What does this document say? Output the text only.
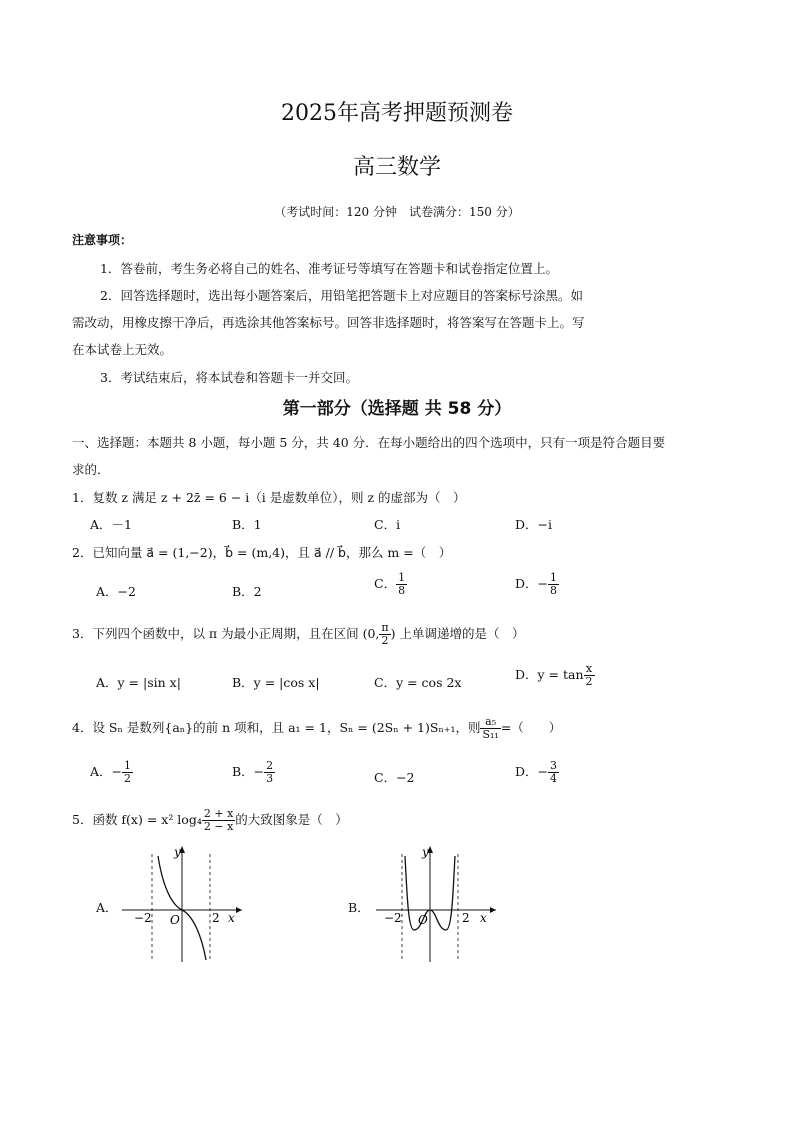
2025年高考押题预测卷
高三数学
（考试时间：120 分钟　试卷满分：150 分）
注意事项：
1．答卷前，考生务必将自己的姓名、准考证号等填写在答题卡和试卷指定位置上。
2．回答选择题时，选出每小题答案后，用铅笔把答题卡上对应题目的答案标号涂黑。如
需改动，用橡皮擦干净后，再选涂其他答案标号。回答非选择题时，将答案写在答题卡上。写
在本试卷上无效。
3．考试结束后，将本试卷和答题卡一并交回。
第一部分（选择题 共 58 分）
一、选择题：本题共 8 小题，每小题 5 分，共 40 分．在每小题给出的四个选项中，只有一项是符合题目要
求的．
1．复数 z 满足 z + 2z̄ = 6 − i（i 是虚数单位），则 z 的虚部为（　）
A．－1	B．1	C．i	D．−i
2．已知向量 a⃗ = (1,−2)，b⃗ = (m,4)，且 a⃗ // b⃗，那么 m =（　）
A．−2	B．2
C． $\frac{1}{8}$	D．− $\frac{1}{8}$
3．下列四个函数中，以 π 为最小正周期，且在区间 (0, $\frac{\pi}{2}$ ) 上单调递增的是（　）
A．y = |sin x|	B．y = |cos x|	C．y = cos 2x
D．$y = \tan \frac{x}{2}$
4．设 Sₙ 是数列{aₙ}的前 n 项和，且 a₁ = 1，Sₙ = (2Sₙ + 1)Sₙ₊₁，则 $\frac{\text{a₅}}{\text{S₁₁}}$ =（　　）
A．− $\frac{1}{2}$	B．− $\frac{2}{3}$	C．−2	D．− $\frac{3}{4}$
5．函数 f(x) = x² $\log_4 \frac{2 + x}{2 - x}$ 的大致图象是（　）
A．	B．
y
x
O
−2	2
y
x
O
−2	2
